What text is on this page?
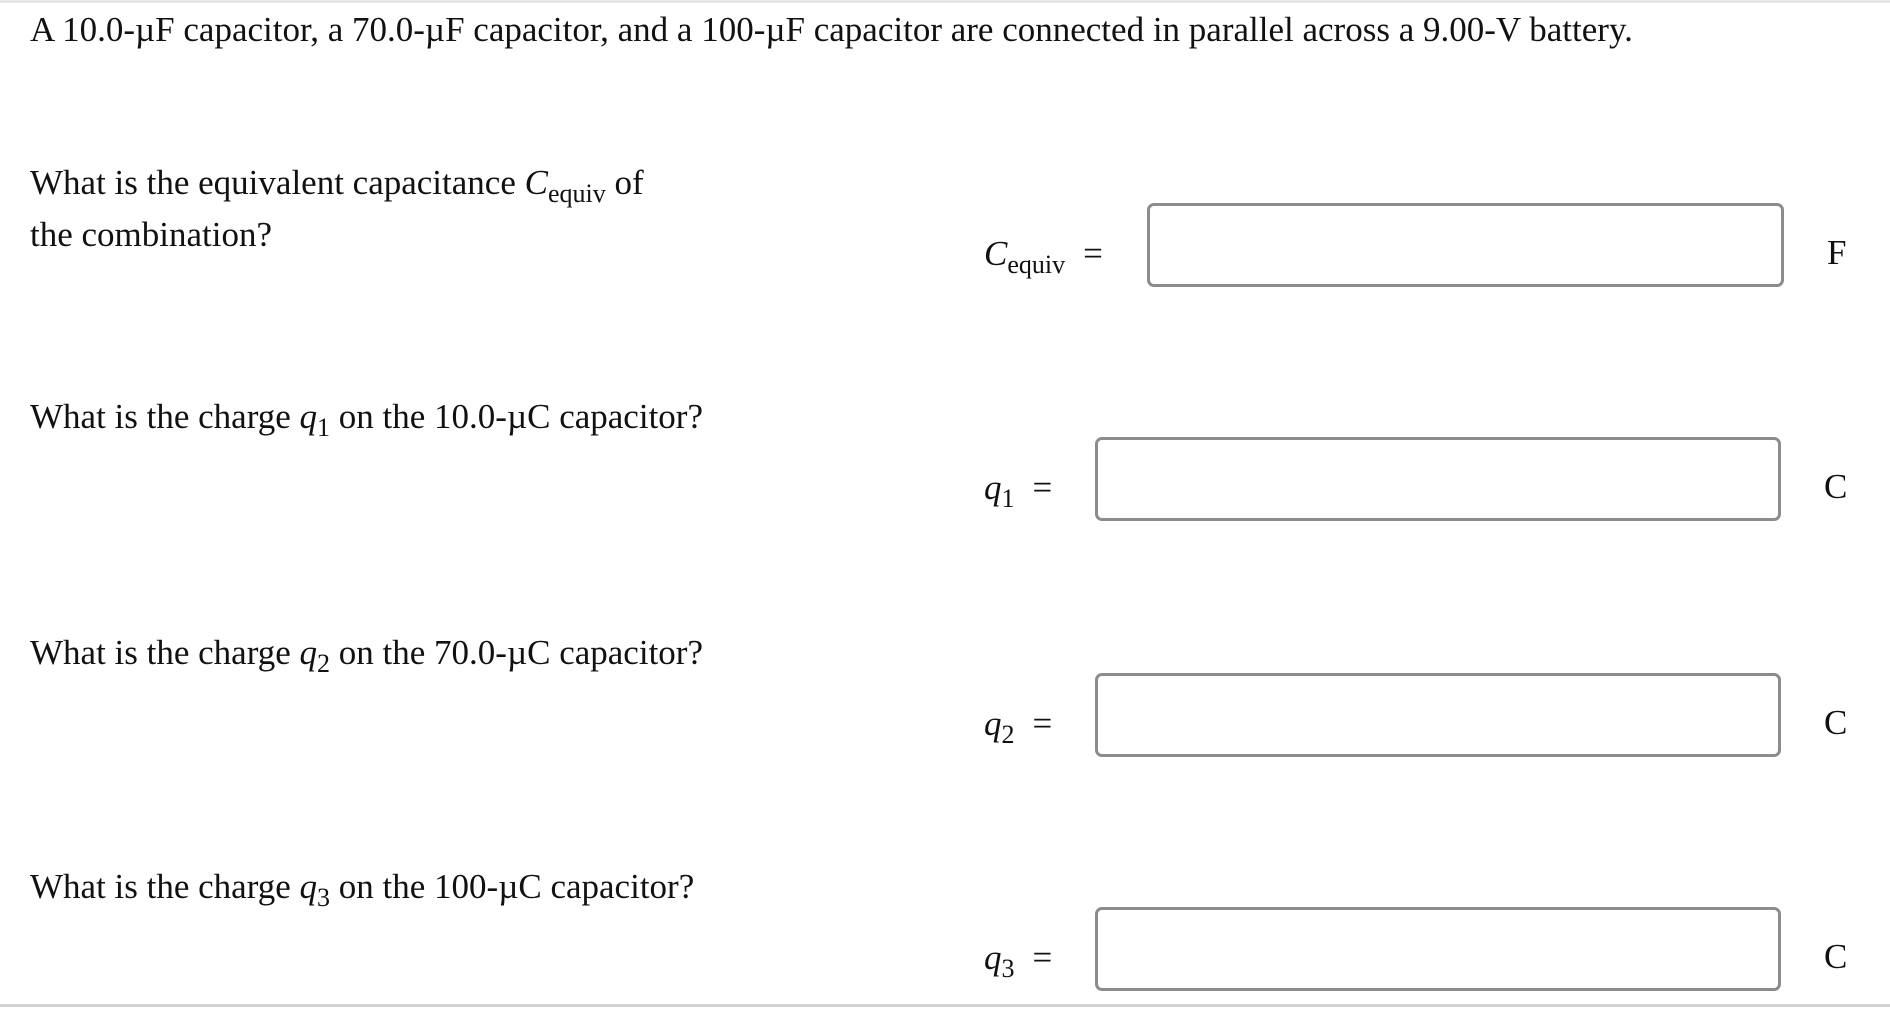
A 10.0-µF capacitor, a 70.0-µF capacitor, and a 100-µF capacitor are connected in parallel across a 9.00-V battery.
What is the equivalent capacitance $C_{equiv}$ of
the combination?	$C_{equiv}$ =	F
What is the charge $q_1$ on the 10.0-µC capacitor?
$q_1$ =	C
What is the charge $q_2$ on the 70.0-µC capacitor?
$q_2$ =	C
What is the charge $q_3$ on the 100-µC capacitor?
$q_3$ =	C
